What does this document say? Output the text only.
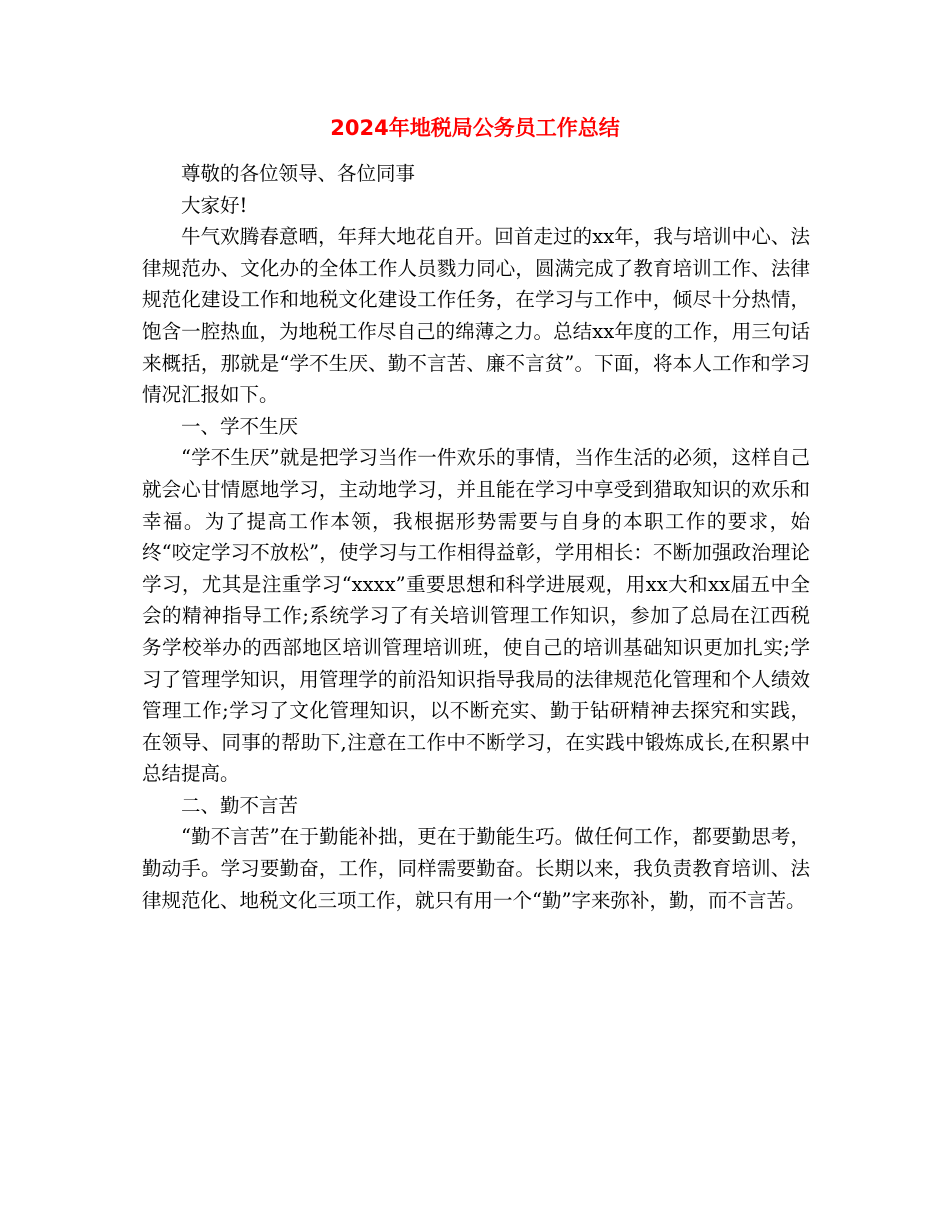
2024年地税局公务员工作总结

尊敬的各位领导、各位同事

大家好!

牛气欢腾春意晒，年拜大地花自开。回首走过的xx年，我与培训中心、法律规范办、文化办的全体工作人员戮力同心，圆满完成了教育培训工作、法律规范化建设工作和地税文化建设工作任务，在学习与工作中，倾尽十分热情，饱含一腔热血，为地税工作尽自己的绵薄之力。总结xx年度的工作，用三句话来概括，那就是“学不生厌、勤不言苦、廉不言贫”。下面，将本人工作和学习情况汇报如下。

一、学不生厌

“学不生厌”就是把学习当作一件欢乐的事情，当作生活的必须，这样自己就会心甘情愿地学习，主动地学习，并且能在学习中享受到猎取知识的欢乐和幸福。为了提高工作本领，我根据形势需要与自身的本职工作的要求，始终“咬定学习不放松”，使学习与工作相得益彰，学用相长：不断加强政治理论学习，尤其是注重学习“xxxx”重要思想和科学进展观，用xx大和xx届五中全会的精神指导工作;系统学习了有关培训管理工作知识，参加了总局在江西税务学校举办的西部地区培训管理培训班，使自己的培训基础知识更加扎实;学习了管理学知识，用管理学的前沿知识指导我局的法律规范化管理和个人绩效管理工作;学习了文化管理知识，以不断充实、勤于钻研精神去探究和实践，在领导、同事的帮助下,注意在工作中不断学习，在实践中锻炼成长,在积累中总结提高。

二、勤不言苦

“勤不言苦”在于勤能补拙，更在于勤能生巧。做任何工作，都要勤思考，勤动手。学习要勤奋，工作，同样需要勤奋。长期以来，我负责教育培训、法律规范化、地税文化三项工作，就只有用一个“勤”字来弥补，勤，而不言苦。
